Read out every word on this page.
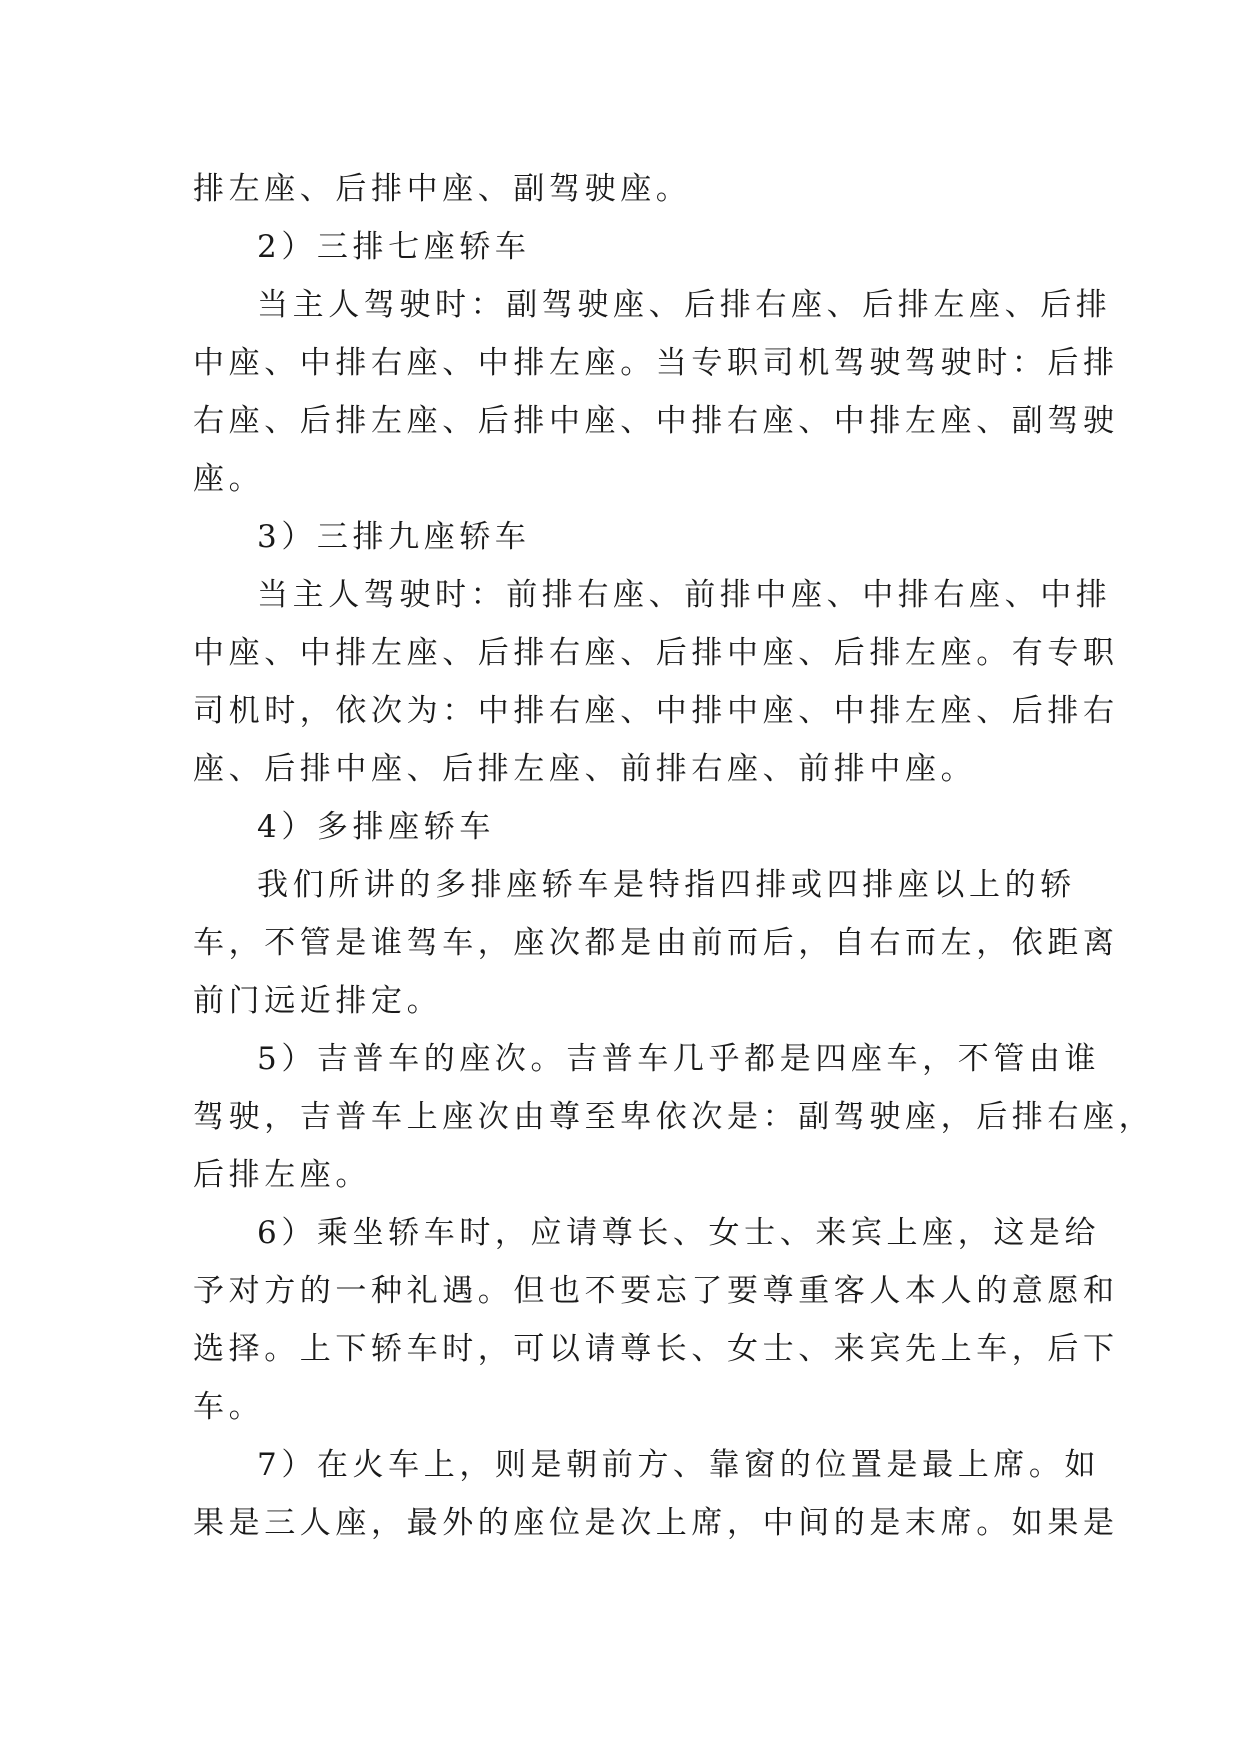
排左座、后排中座、副驾驶座。
2）三排七座轿车
当主人驾驶时：副驾驶座、后排右座、后排左座、后排
中座、中排右座、中排左座。当专职司机驾驶驾驶时：后排
右座、后排左座、后排中座、中排右座、中排左座、副驾驶
座。
3）三排九座轿车
当主人驾驶时：前排右座、前排中座、中排右座、中排
中座、中排左座、后排右座、后排中座、后排左座。有专职
司机时，依次为：中排右座、中排中座、中排左座、后排右
座、后排中座、后排左座、前排右座、前排中座。
4）多排座轿车
我们所讲的多排座轿车是特指四排或四排座以上的轿
车，不管是谁驾车，座次都是由前而后，自右而左，依距离
前门远近排定。
5）吉普车的座次。吉普车几乎都是四座车，不管由谁
驾驶，吉普车上座次由尊至卑依次是：副驾驶座，后排右座，
后排左座。
6）乘坐轿车时，应请尊长、女士、来宾上座，这是给
予对方的一种礼遇。但也不要忘了要尊重客人本人的意愿和
选择。上下轿车时，可以请尊长、女士、来宾先上车，后下
车。
7）在火车上，则是朝前方、靠窗的位置是最上席。如
果是三人座，最外的座位是次上席，中间的是末席。如果是
